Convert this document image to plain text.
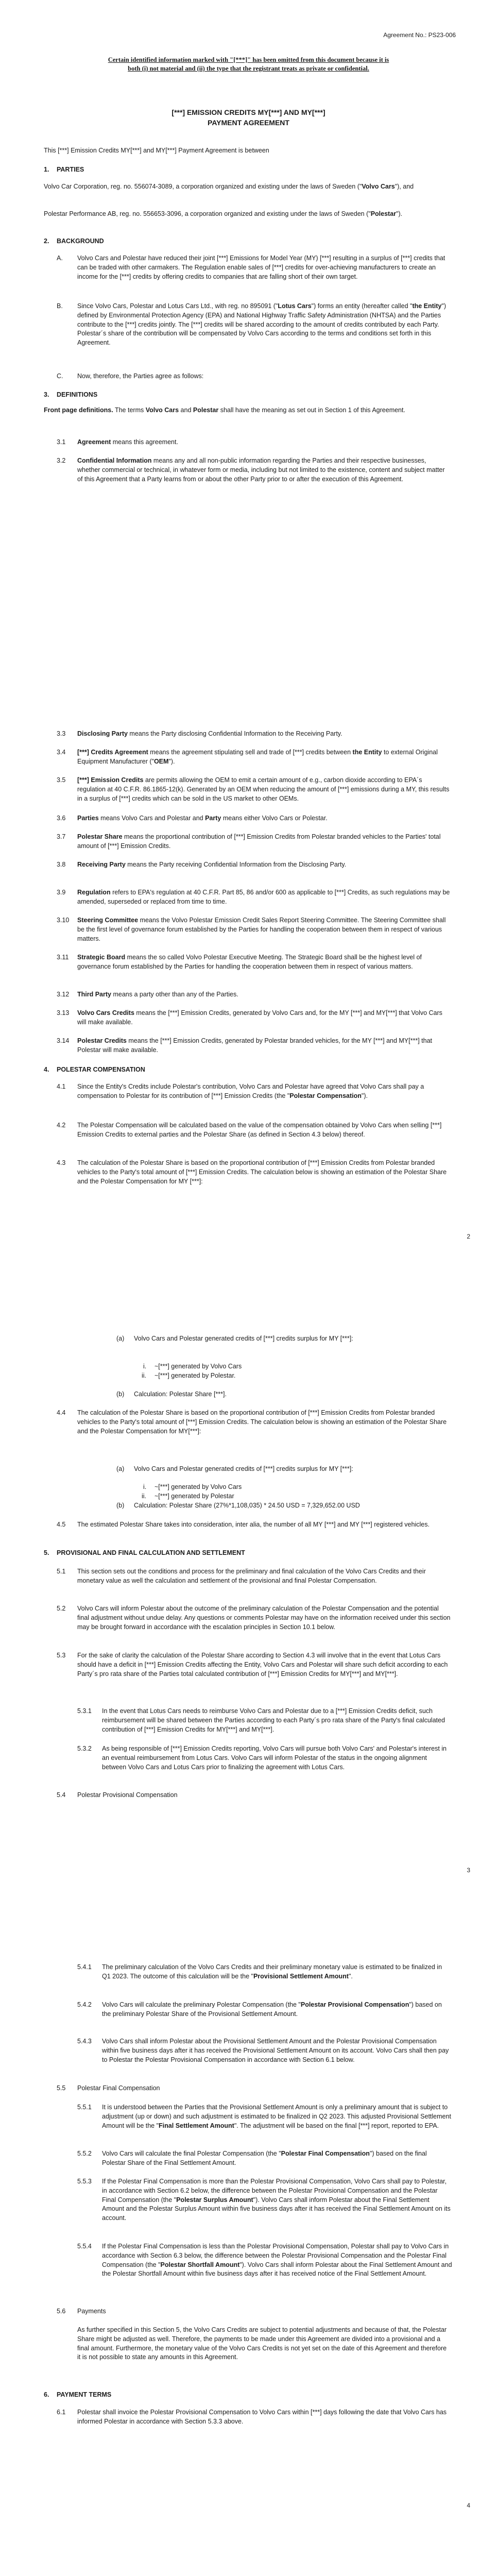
Agreement No.: PS23-006
Certain identified information marked with "[***]" has been omitted from this document because it is both (i) not material and (ii) the type that the registrant treats as private or confidential.
[***] EMISSION CREDITS MY[***] AND MY[***]
PAYMENT AGREEMENT
This [***] Emission Credits MY[***] and MY[***] Payment Agreement is between
1. PARTIES
Volvo Car Corporation, reg. no. 556074-3089, a corporation organized and existing under the laws of Sweden ("Volvo Cars"), and
Polestar Performance AB, reg. no. 556653-3096, a corporation organized and existing under the laws of Sweden ("Polestar").
2. BACKGROUND
A. Volvo Cars and Polestar have reduced their joint [***] Emissions for Model Year (MY) [***] resulting in a surplus of [***] credits that can be traded with other carmakers. The Regulation enable sales of [***] credits for over-achieving manufacturers to create an income for the [***] credits by offering credits to companies that are falling short of their own target.
B. Since Volvo Cars, Polestar and Lotus Cars Ltd., with reg. no 895091 ("Lotus Cars") forms an entity (hereafter called "the Entity") defined by Environmental Protection Agency (EPA) and National Highway Traffic Safety Administration (NHTSA) and the Parties contribute to the [***] credits jointly. The [***] credits will be shared according to the amount of credits contributed by each Party. Polestar´s share of the contribution will be compensated by Volvo Cars according to the terms and conditions set forth in this Agreement.
C. Now, therefore, the Parties agree as follows:
3. DEFINITIONS
Front page definitions. The terms Volvo Cars and Polestar shall have the meaning as set out in Section 1 of this Agreement.
3.1 Agreement means this agreement.
3.2 Confidential Information means any and all non-public information regarding the Parties and their respective businesses, whether commercial or technical, in whatever form or media, including but not limited to the existence, content and subject matter of this Agreement that a Party learns from or about the other Party prior to or after the execution of this Agreement.
3.3 Disclosing Party means the Party disclosing Confidential Information to the Receiving Party.
3.4 [***] Credits Agreement means the agreement stipulating sell and trade of [***] credits between the Entity to external Original Equipment Manufacturer ("OEM").
3.5 [***] Emission Credits are permits allowing the OEM to emit a certain amount of e.g., carbon dioxide according to EPA´s regulation at 40 C.F.R. 86.1865-12(k). Generated by an OEM when reducing the amount of [***] emissions during a MY, this results in a surplus of [***] credits which can be sold in the US market to other OEMs.
3.6 Parties means Volvo Cars and Polestar and Party means either Volvo Cars or Polestar.
3.7 Polestar Share means the proportional contribution of [***] Emission Credits from Polestar branded vehicles to the Parties' total amount of [***] Emission Credits.
3.8 Receiving Party means the Party receiving Confidential Information from the Disclosing Party.
3.9 Regulation refers to EPA's regulation at 40 C.F.R. Part 85, 86 and/or 600 as applicable to [***] Credits, as such regulations may be amended, superseded or replaced from time to time.
3.10 Steering Committee means the Volvo Polestar Emission Credit Sales Report Steering Committee. The Steering Committee shall be the first level of governance forum established by the Parties for handling the cooperation between them in respect of various matters.
3.11 Strategic Board means the so called Volvo Polestar Executive Meeting. The Strategic Board shall be the highest level of governance forum established by the Parties for handling the cooperation between them in respect of various matters.
3.12 Third Party means a party other than any of the Parties.
3.13 Volvo Cars Credits means the [***] Emission Credits, generated by Volvo Cars and, for the MY [***] and MY[***] that Volvo Cars will make available.
3.14 Polestar Credits means the [***] Emission Credits, generated by Polestar branded vehicles, for the MY [***] and MY[***] that Polestar will make available.
4. POLESTAR COMPENSATION
4.1 Since the Entity's Credits include Polestar's contribution, Volvo Cars and Polestar have agreed that Volvo Cars shall pay a compensation to Polestar for its contribution of [***] Emission Credits (the "Polestar Compensation").
4.2 The Polestar Compensation will be calculated based on the value of the compensation obtained by Volvo Cars when selling [***] Emission Credits to external parties and the Polestar Share (as defined in Section 4.3 below) thereof.
4.3 The calculation of the Polestar Share is based on the proportional contribution of [***] Emission Credits from Polestar branded vehicles to the Party's total amount of [***] Emission Credits. The calculation below is showing an estimation of the Polestar Share and the Polestar Compensation for MY [***]:
2
(a) Volvo Cars and Polestar generated credits of [***] credits surplus for MY [***]:
i. ~[***] generated by Volvo Cars
ii. ~[***] generated by Polestar.
(b) Calculation: Polestar Share [***].
4.4 The calculation of the Polestar Share is based on the proportional contribution of [***] Emission Credits from Polestar branded vehicles to the Party's total amount of [***] Emission Credits. The calculation below is showing an estimation of the Polestar Share and the Polestar Compensation for MY[***]:
(a) Volvo Cars and Polestar generated credits of [***] credits surplus for MY [***]:
i. ~[***] generated by Volvo Cars
ii. ~[***] generated by Polestar
(b) Calculation: Polestar Share (27%*1,108,035) * 24.50 USD = 7,329,652.00 USD
4.5 The estimated Polestar Share takes into consideration, inter alia, the number of all MY [***] and MY [***] registered vehicles.
5. PROVISIONAL AND FINAL CALCULATION AND SETTLEMENT
5.1 This section sets out the conditions and process for the preliminary and final calculation of the Volvo Cars Credits and their monetary value as well the calculation and settlement of the provisional and final Polestar Compensation.
5.2 Volvo Cars will inform Polestar about the outcome of the preliminary calculation of the Polestar Compensation and the potential final adjustment without undue delay. Any questions or comments Polestar may have on the information received under this section may be brought forward in accordance with the escalation principles in Section 10.1 below.
5.3 For the sake of clarity the calculation of the Polestar Share according to Section 4.3 will involve that in the event that Lotus Cars should have a deficit in [***] Emission Credits affecting the Entity, Volvo Cars and Polestar will share such deficit according to each Party´s pro rata share of the Parties total calculated contribution of [***] Emission Credits for MY[***] and MY[***].
5.3.1 In the event that Lotus Cars needs to reimburse Volvo Cars and Polestar due to a [***] Emission Credits deficit, such reimbursement will be shared between the Parties according to each Party´s pro rata share of the Party's final calculated contribution of [***] Emission Credits for MY[***] and MY[***].
5.3.2 As being responsible of [***] Emission Credits reporting, Volvo Cars will pursue both Volvo Cars' and Polestar's interest in an eventual reimbursement from Lotus Cars. Volvo Cars will inform Polestar of the status in the ongoing alignment between Volvo Cars and Lotus Cars prior to finalizing the agreement with Lotus Cars.
5.4 Polestar Provisional Compensation
3
5.4.1 The preliminary calculation of the Volvo Cars Credits and their preliminary monetary value is estimated to be finalized in Q1 2023. The outcome of this calculation will be the "Provisional Settlement Amount".
5.4.2 Volvo Cars will calculate the preliminary Polestar Compensation (the "Polestar Provisional Compensation") based on the preliminary Polestar Share of the Provisional Settlement Amount.
5.4.3 Volvo Cars shall inform Polestar about the Provisional Settlement Amount and the Polestar Provisional Compensation within five business days after it has received the Provisional Settlement Amount on its account. Volvo Cars shall then pay to Polestar the Polestar Provisional Compensation in accordance with Section 6.1 below.
5.5 Polestar Final Compensation
5.5.1 It is understood between the Parties that the Provisional Settlement Amount is only a preliminary amount that is subject to adjustment (up or down) and such adjustment is estimated to be finalized in Q2 2023. This adjusted Provisional Settlement Amount will be the "Final Settlement Amount". The adjustment will be based on the final [***] report, reported to EPA.
5.5.2 Volvo Cars will calculate the final Polestar Compensation (the "Polestar Final Compensation") based on the final Polestar Share of the Final Settlement Amount.
5.5.3 If the Polestar Final Compensation is more than the Polestar Provisional Compensation, Volvo Cars shall pay to Polestar, in accordance with Section 6.2 below, the difference between the Polestar Provisional Compensation and the Polestar Final Compensation (the "Polestar Surplus Amount"). Volvo Cars shall inform Polestar about the Final Settlement Amount and the Polestar Surplus Amount within five business days after it has received the Final Settlement Amount on its account.
5.5.4 If the Polestar Final Compensation is less than the Polestar Provisional Compensation, Polestar shall pay to Volvo Cars in accordance with Section 6.3 below, the difference between the Polestar Provisional Compensation and the Polestar Final Compensation (the "Polestar Shortfall Amount"). Volvo Cars shall inform Polestar about the Final Settlement Amount and the Polestar Shortfall Amount within five business days after it has received notice of the Final Settlement Amount.
5.6 Payments
As further specified in this Section 5, the Volvo Cars Credits are subject to potential adjustments and because of that, the Polestar Share might be adjusted as well. Therefore, the payments to be made under this Agreement are divided into a provisional and a final amount. Furthermore, the monetary value of the Volvo Cars Credits is not yet set on the date of this Agreement and therefore it is not possible to state any amounts in this Agreement.
6. PAYMENT TERMS
6.1 Polestar shall invoice the Polestar Provisional Compensation to Volvo Cars within [***] days following the date that Volvo Cars has informed Polestar in accordance with Section 5.3.3 above.
4
